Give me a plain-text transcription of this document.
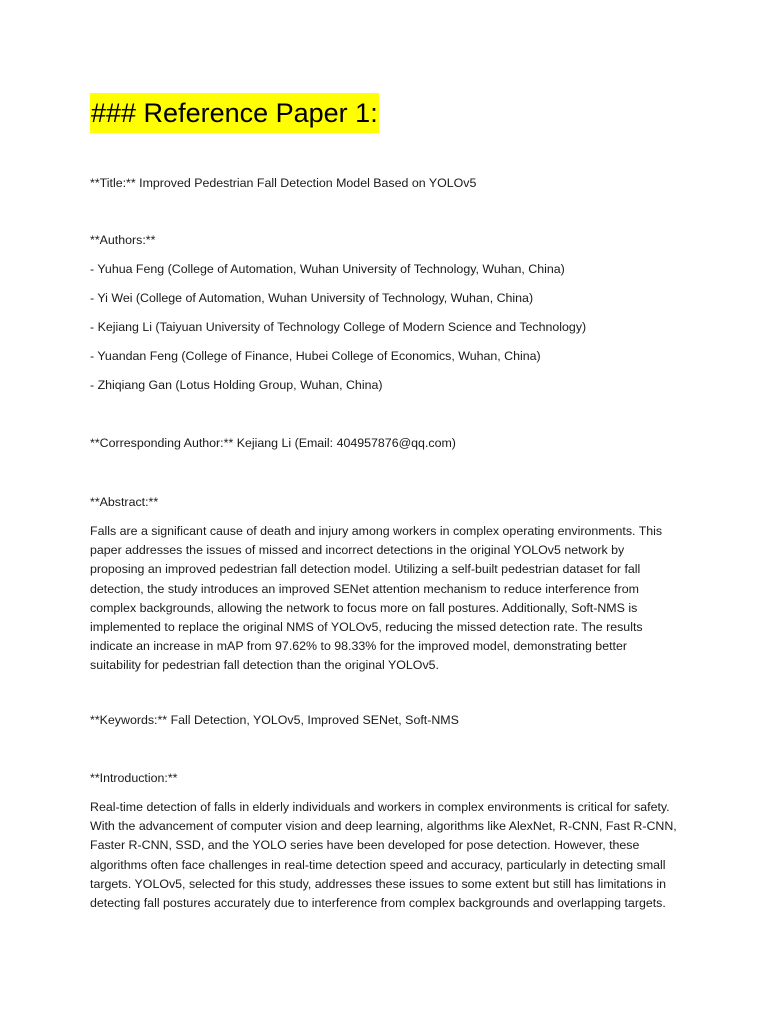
### Reference Paper 1:
**Title:** Improved Pedestrian Fall Detection Model Based on YOLOv5
**Authors:**
- Yuhua Feng (College of Automation, Wuhan University of Technology, Wuhan, China)
- Yi Wei (College of Automation, Wuhan University of Technology, Wuhan, China)
- Kejiang Li (Taiyuan University of Technology College of Modern Science and Technology)
- Yuandan Feng (College of Finance, Hubei College of Economics, Wuhan, China)
- Zhiqiang Gan (Lotus Holding Group, Wuhan, China)
**Corresponding Author:** Kejiang Li (Email: 404957876@qq.com)
**Abstract:**
Falls are a significant cause of death and injury among workers in complex operating environments. This paper addresses the issues of missed and incorrect detections in the original YOLOv5 network by proposing an improved pedestrian fall detection model. Utilizing a self-built pedestrian dataset for fall detection, the study introduces an improved SENet attention mechanism to reduce interference from complex backgrounds, allowing the network to focus more on fall postures. Additionally, Soft-NMS is implemented to replace the original NMS of YOLOv5, reducing the missed detection rate. The results indicate an increase in mAP from 97.62% to 98.33% for the improved model, demonstrating better suitability for pedestrian fall detection than the original YOLOv5.
**Keywords:** Fall Detection, YOLOv5, Improved SENet, Soft-NMS
**Introduction:**
Real-time detection of falls in elderly individuals and workers in complex environments is critical for safety. With the advancement of computer vision and deep learning, algorithms like AlexNet, R-CNN, Fast R-CNN, Faster R-CNN, SSD, and the YOLO series have been developed for pose detection. However, these algorithms often face challenges in real-time detection speed and accuracy, particularly in detecting small targets. YOLOv5, selected for this study, addresses these issues to some extent but still has limitations in detecting fall postures accurately due to interference from complex backgrounds and overlapping targets.
